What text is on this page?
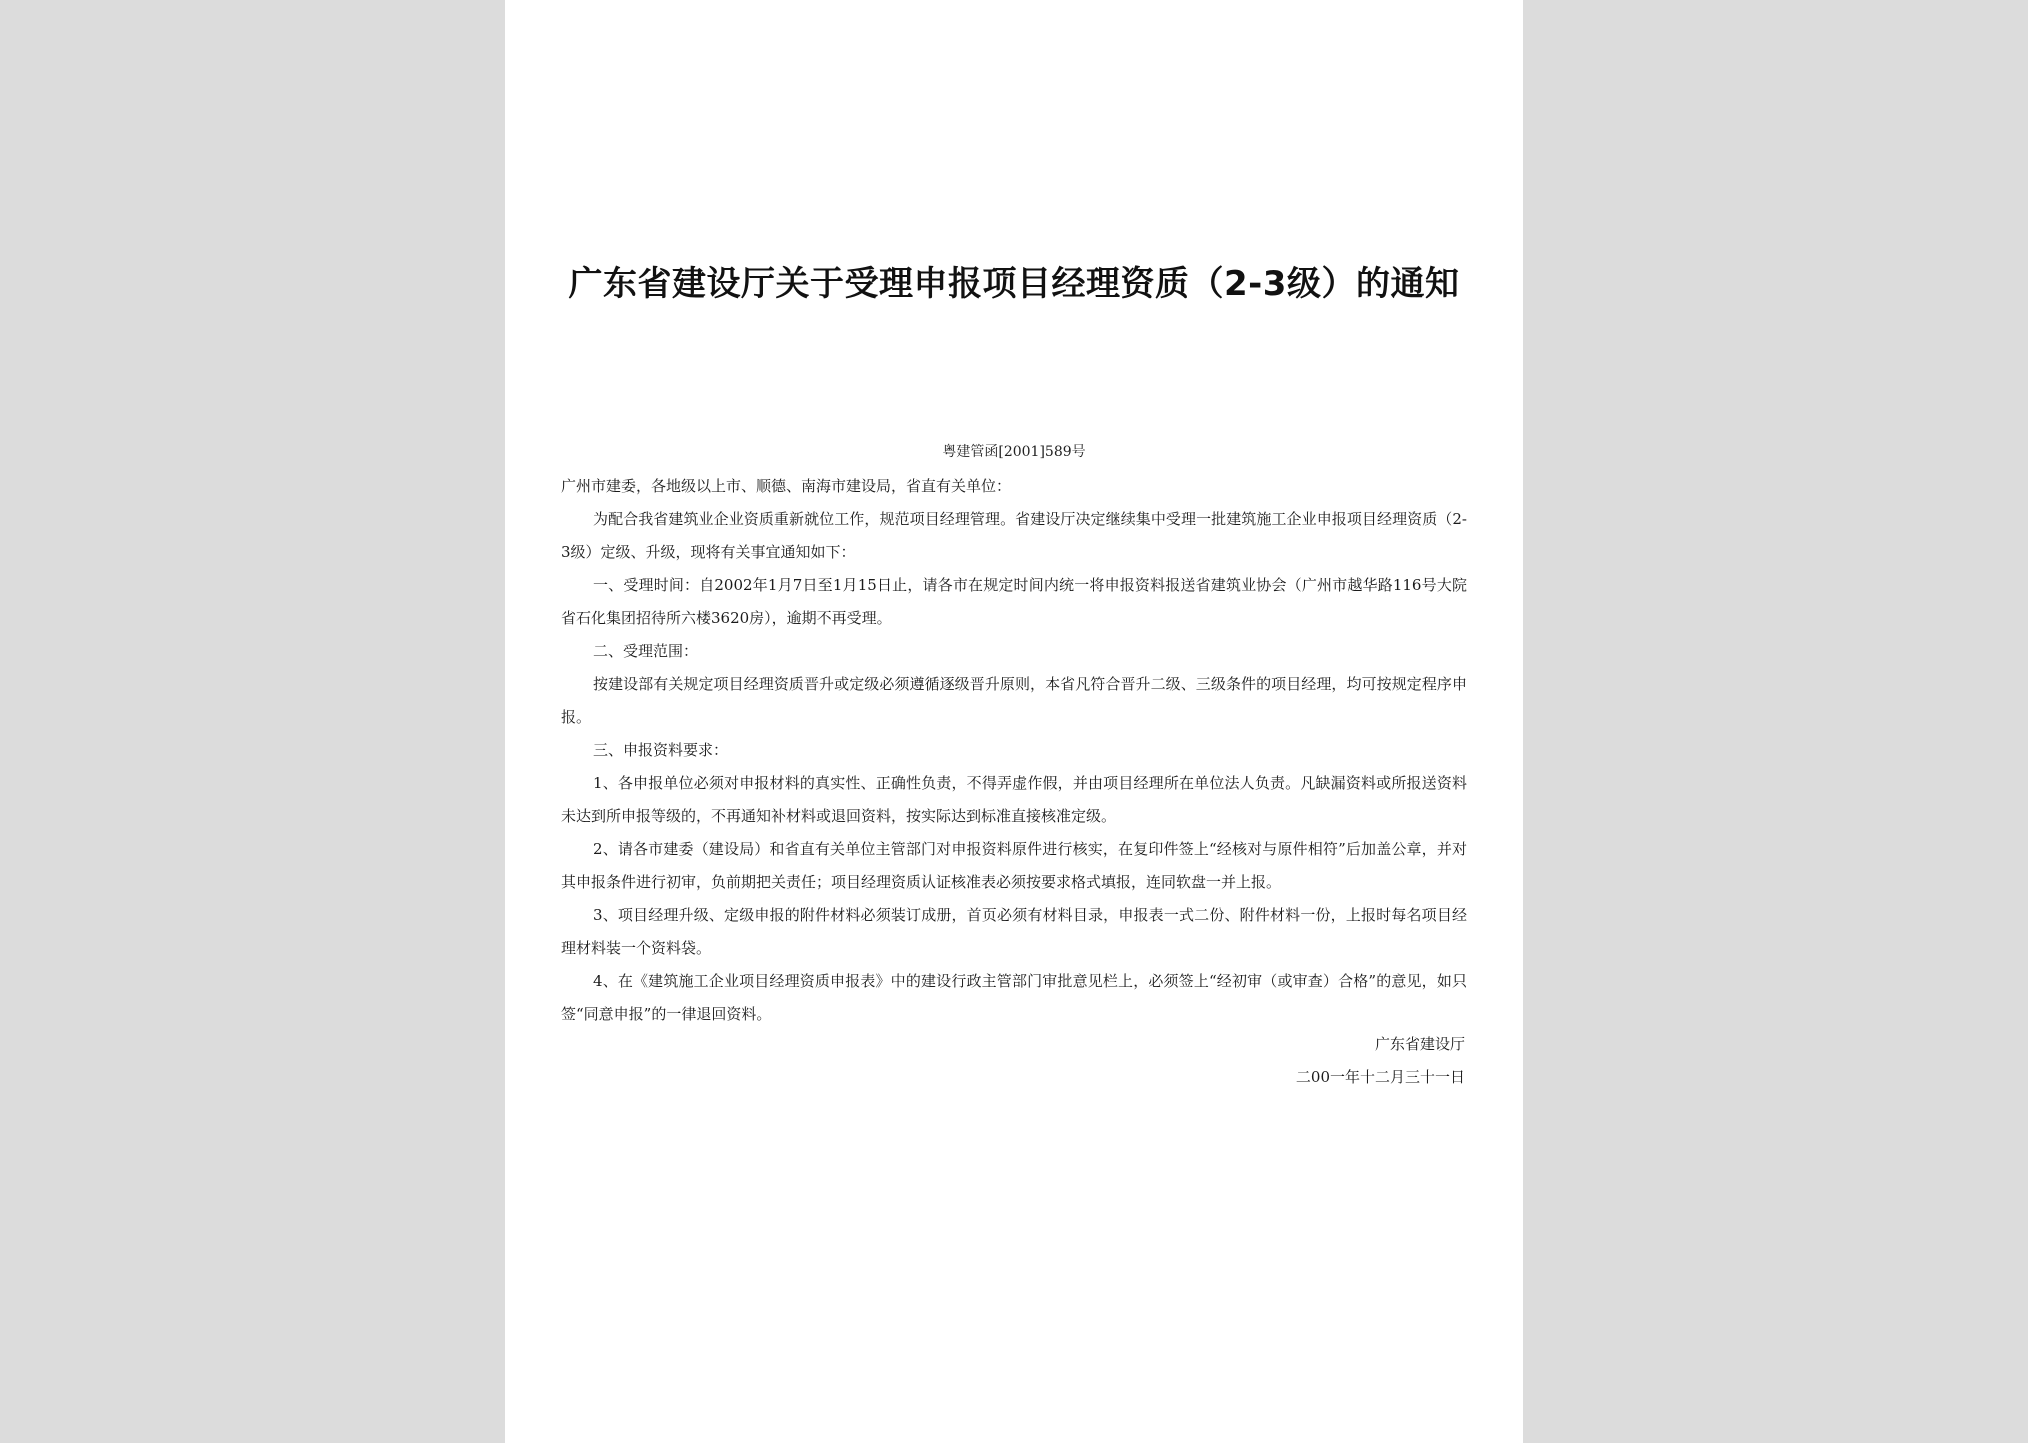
广东省建设厅关于受理申报项目经理资质（2-3级）的通知
粤建管函[2001]589号

广州市建委，各地级以上市、顺德、南海市建设局，省直有关单位：

为配合我省建筑业企业资质重新就位工作，规范项目经理管理。省建设厅决定继续集中受理一批建筑施工企业申报项目经理资质（2-3级）定级、升级，现将有关事宜通知如下：

一、受理时间：自2002年1月7日至1月15日止，请各市在规定时间内统一将申报资料报送省建筑业协会（广州市越华路116号大院省石化集团招待所六楼3620房），逾期不再受理。

二、受理范围：

按建设部有关规定项目经理资质晋升或定级必须遵循逐级晋升原则，本省凡符合晋升二级、三级条件的项目经理，均可按规定程序申报。

三、申报资料要求：

1、各申报单位必须对申报材料的真实性、正确性负责，不得弄虚作假，并由项目经理所在单位法人负责。凡缺漏资料或所报送资料未达到所申报等级的，不再通知补材料或退回资料，按实际达到标准直接核准定级。

2、请各市建委（建设局）和省直有关单位主管部门对申报资料原件进行核实，在复印件签上“经核对与原件相符”后加盖公章，并对其申报条件进行初审，负前期把关责任；项目经理资质认证核准表必须按要求格式填报，连同软盘一并上报。

3、项目经理升级、定级申报的附件材料必须装订成册，首页必须有材料目录，申报表一式二份、附件材料一份，上报时每名项目经理材料装一个资料袋。

4、在《建筑施工企业项目经理资质申报表》中的建设行政主管部门审批意见栏上，必须签上“经初审（或审查）合格”的意见，如只签“同意申报”的一律退回资料。

广东省建设厅
二00一年十二月三十一日
